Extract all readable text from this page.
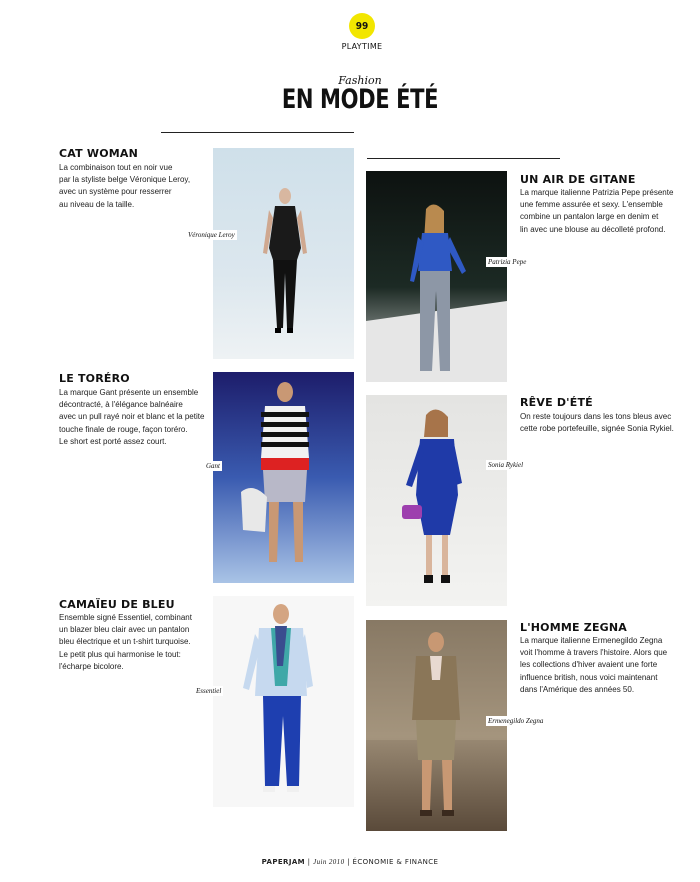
99
PLAYTIME
Fashion
EN MODE ÉTÉ
CAT WOMAN
La combinaison tout en noir vue
par la styliste belge Véronique Leroy,
avec un système pour resserrer
au niveau de la taille.
Véronique Leroy
UN AIR DE GITANE
La marque italienne Patrizia Pepe présente
une femme assurée et sexy. L'ensemble
combine un pantalon large en denim et
lin avec une blouse au décolleté profond.
Patrizia Pepe
LE TORÉRO
La marque Gant présente un ensemble
décontracté, à l'élégance balnéaire
avec un pull rayé noir et blanc et la petite
touche finale de rouge, façon toréro.
Le short est porté assez court.
Gant
RÊVE D'ÉTÉ
On reste toujours dans les tons bleus avec
cette robe portefeuille, signée Sonia Rykiel.
Sonia Rykiel
CAMAÏEU DE BLEU
Ensemble signé Essentiel, combinant
un blazer bleu clair avec un pantalon
bleu électrique et un t-shirt turquoise.
Le petit plus qui harmonise le tout:
l'écharpe bicolore.
Essentiel
L'HOMME ZEGNA
La marque italienne Ermenegildo Zegna
voit l'homme à travers l'histoire. Alors que
les collections d'hiver avaient une forte
influence british, nous voici maintenant
dans l'Amérique des années 50.
Ermenegildo Zegna
PAPERJAM | Juin 2010 | ÉCONOMIE & FINANCE
